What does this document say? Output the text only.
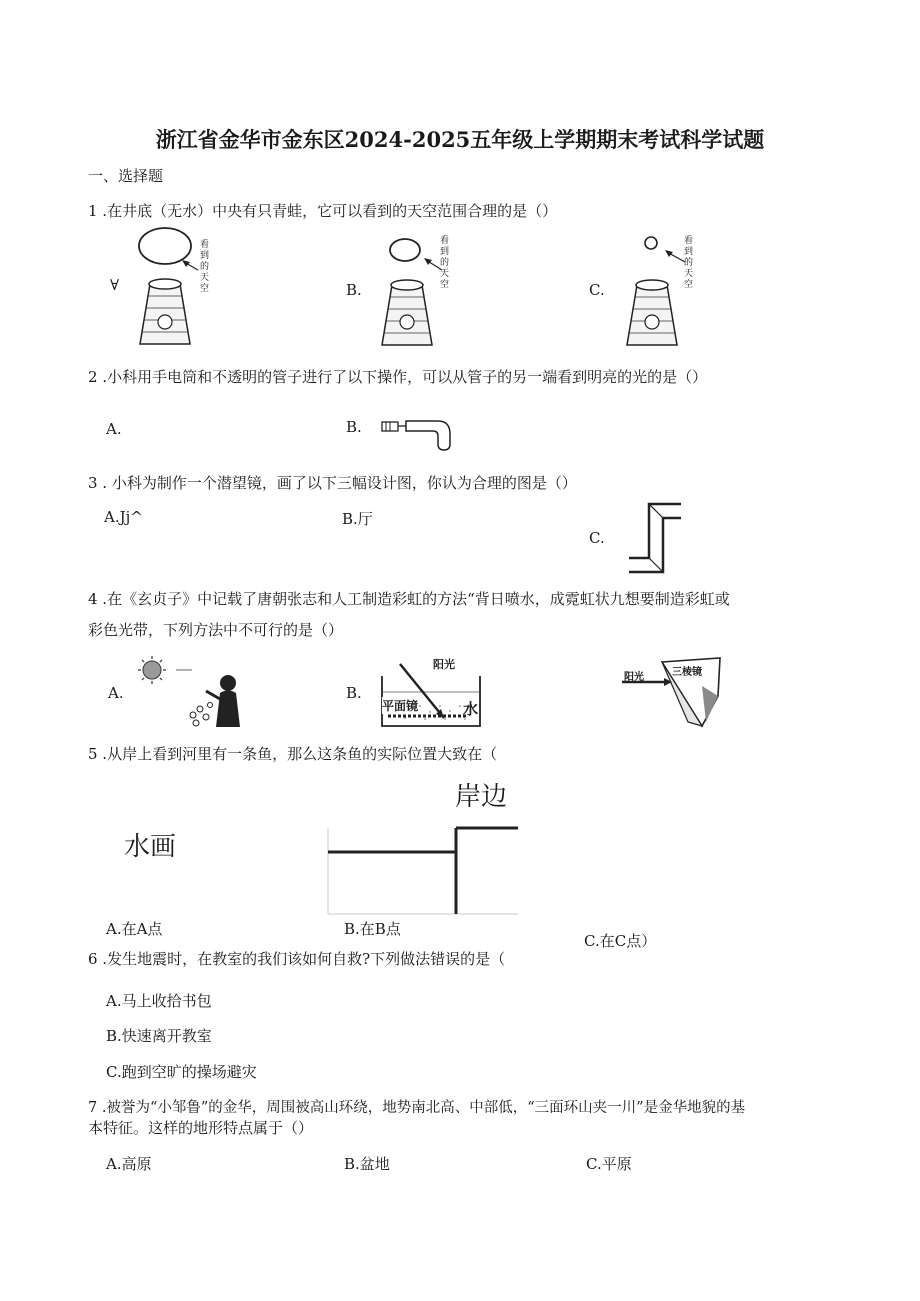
浙江省金华市金东区2024-2025五年级上学期期末考试科学试题
一、选择题
1 .在井底（无水）中央有只青蛙，它可以看到的天空范围合理的是（）
∀	B.	C.
看到的天空
看到的天空
看到的天空
2 .小科用手电筒和不透明的管子进行了以下操作，可以从管子的另一端看到明亮的光的是（）
A.	B.
3 . 小科为制作一个潜望镜，画了以下三幅设计图，你认为合理的图是（）
A.Jj^	B.厅
C.
4 .在《玄贞子》中记载了唐朝张志和人工制造彩虹的方法“背日喷水，成霓虹状九想要制造彩虹或
彩色光带，下列方法中不可行的是（）
A.	B.
阳光
平面镜	水
阳光	三棱镜
5 .从岸上看到河里有一条鱼，那么这条鱼的实际位置大致在（
岸边
水画
A.在A点	B.在B点
C.在C点）
6 .发生地震时，在教室的我们该如何自救?下列做法错误的是（
A.马上收拾书包
B.快速离开教室
C.跑到空旷的操场避灾
7 .被誉为“小邹鲁”的金华，周围被高山环绕，地势南北高、中部低，“三面环山夹一川”是金华地貌的基
本特征。这样的地形特点属于（）
A.高原	B.盆地	C.平原
